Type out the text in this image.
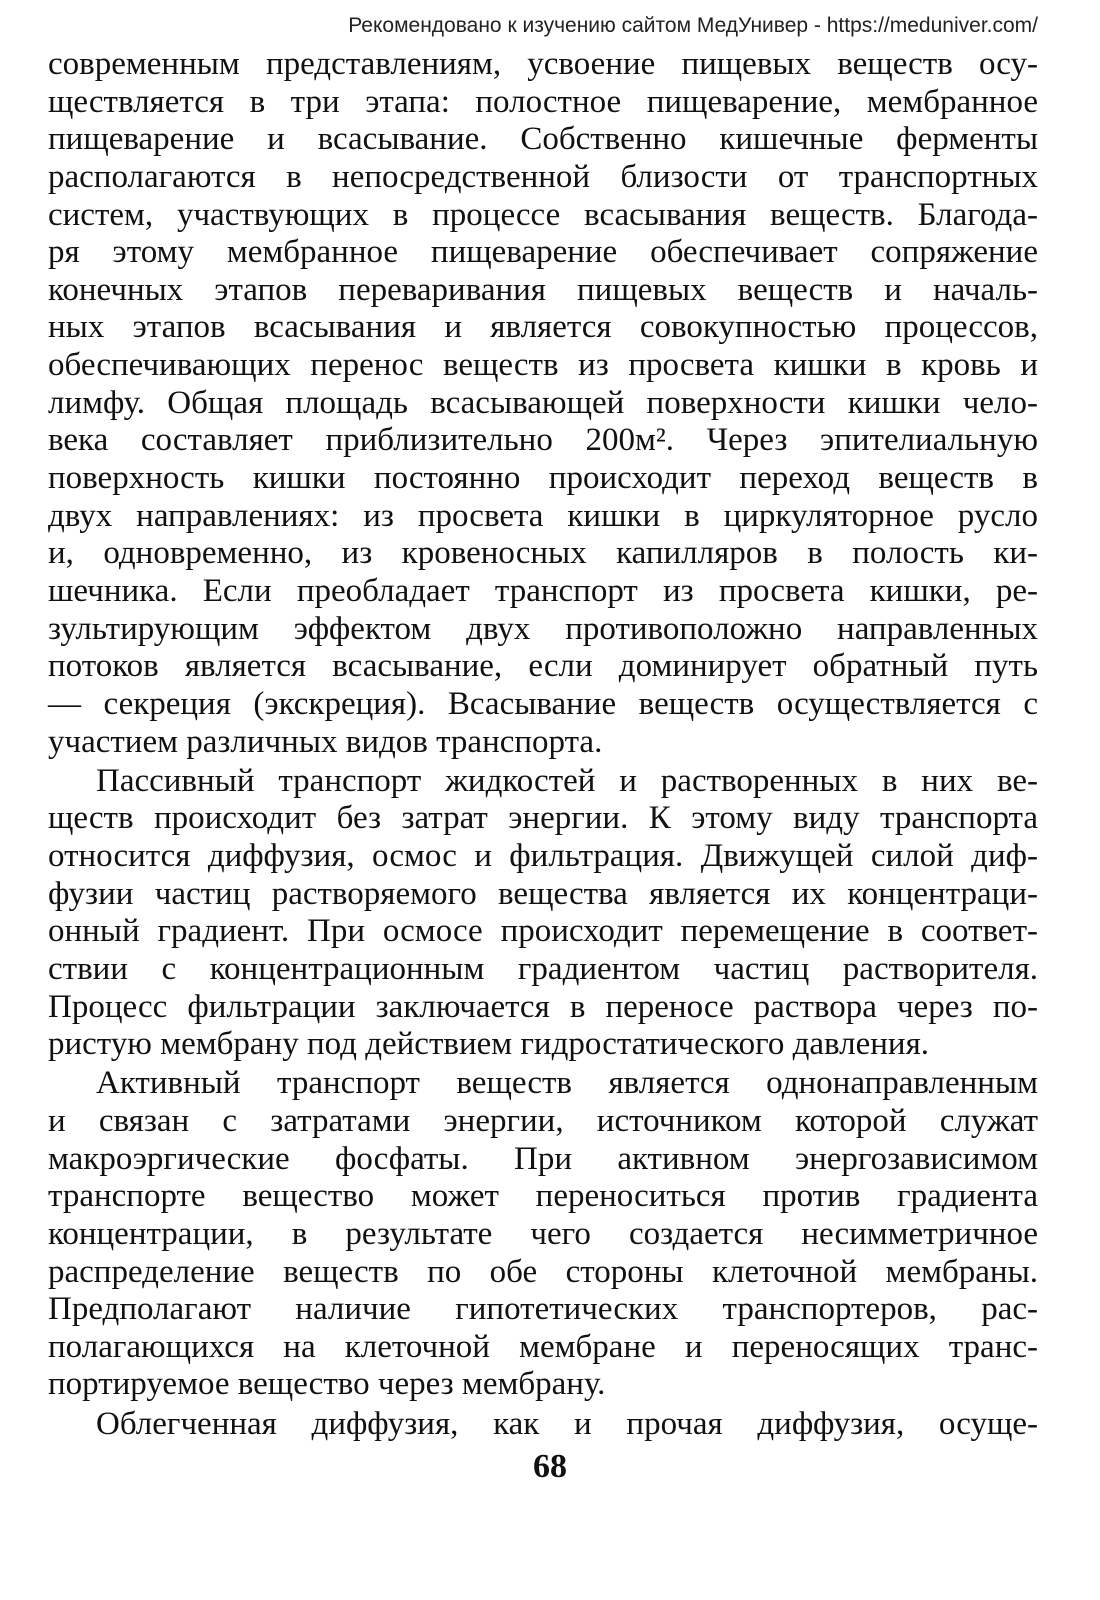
Рекомендовано к изучению сайтом МедУнивер - https://meduniver.com/
современным представлениям, усвоение пищевых веществ осу-
ществляется в три этапа: полостное пищеварение, мембранное
пищеварение и всасывание. Собственно кишечные ферменты
располагаются в непосредственной близости от транспортных
систем, участвующих в процессе всасывания веществ. Благода-
ря этому мембранное пищеварение обеспечивает сопряжение
конечных этапов переваривания пищевых веществ и началь-
ных этапов всасывания и является совокупностью процессов,
обеспечивающих перенос веществ из просвета кишки в кровь и
лимфу. Общая площадь всасывающей поверхности кишки чело-
века составляет приблизительно 200м². Через эпителиальную
поверхность кишки постоянно происходит переход веществ в
двух направлениях: из просвета кишки в циркуляторное русло
и, одновременно, из кровеносных капилляров в полость ки-
шечника. Если преобладает транспорт из просвета кишки, ре-
зультирующим эффектом двух противоположно направленных
потоков является всасывание, если доминирует обратный путь
— секреция (экскреция). Всасывание веществ осуществляется с
участием различных видов транспорта.
Пассивный транспорт жидкостей и растворенных в них ве-
ществ происходит без затрат энергии. К этому виду транспорта
относится диффузия, осмос и фильтрация. Движущей силой диф-
фузии частиц растворяемого вещества является их концентраци-
онный градиент. При осмосе происходит перемещение в соответ-
ствии с концентрационным градиентом частиц растворителя.
Процесс фильтрации заключается в переносе раствора через по-
ристую мембрану под действием гидростатического давления.
Активный транспорт веществ является однонаправленным
и связан с затратами энергии, источником которой служат
макроэргические фосфаты. При активном энергозависимом
транспорте вещество может переноситься против градиента
концентрации, в результате чего создается несимметричное
распределение веществ по обе стороны клеточной мембраны.
Предполагают наличие гипотетических транспортеров, рас-
полагающихся на клеточной мембране и переносящих транс-
портируемое вещество через мембрану.
Облегченная диффузия, как и прочая диффузия, осуще-
68
